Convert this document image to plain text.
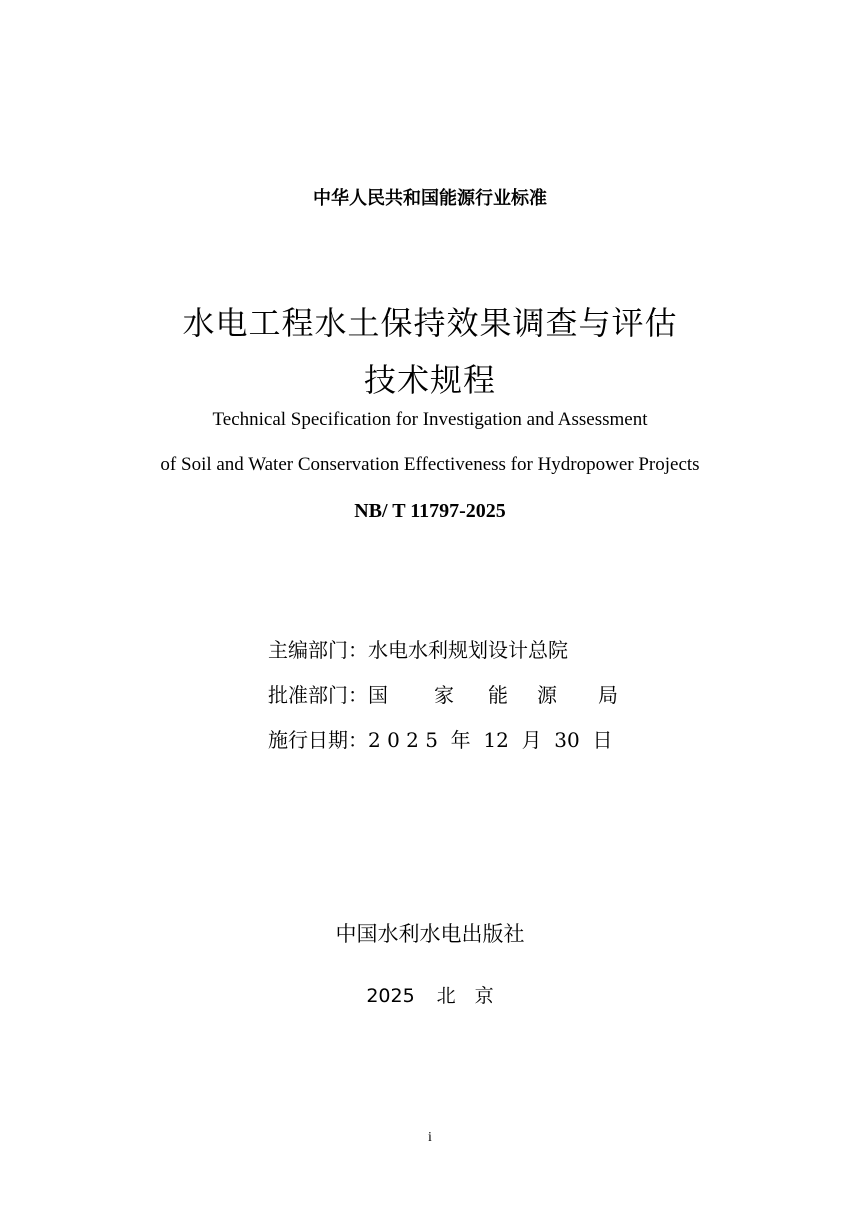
中华人民共和国能源行业标准
水电工程水土保持效果调查与评估
技术规程
Technical Specification for Investigation and Assessment
of Soil and Water Conservation Effectiveness for Hydropower Projects
NB/ T 11797-2025
主编部门：水电水利规划设计总院
批准部门：国 家 能 源 局
施行日期：2 0 2 5  年  12  月  30  日
中国水利水电出版社
2025 北　京
i
